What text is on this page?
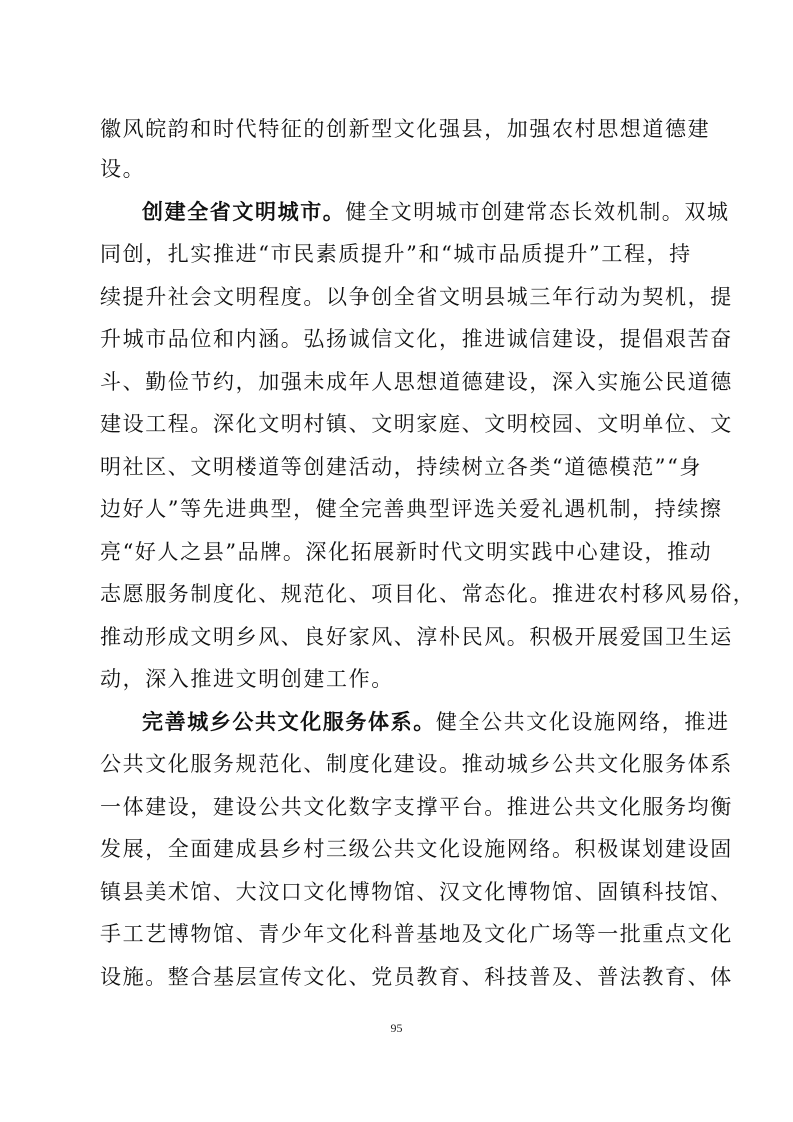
徽风皖韵和时代特征的创新型文化强县，加强农村思想道德建
设。
创建全省文明城市。健全文明城市创建常态长效机制。双城
同创，扎实推进“市民素质提升”和“城市品质提升”工程，持
续提升社会文明程度。以争创全省文明县城三年行动为契机，提
升城市品位和内涵。弘扬诚信文化，推进诚信建设，提倡艰苦奋
斗、勤俭节约，加强未成年人思想道德建设，深入实施公民道德
建设工程。深化文明村镇、文明家庭、文明校园、文明单位、文
明社区、文明楼道等创建活动，持续树立各类“道德模范”“身
边好人”等先进典型，健全完善典型评选关爱礼遇机制，持续擦
亮“好人之县”品牌。深化拓展新时代文明实践中心建设，推动
志愿服务制度化、规范化、项目化、常态化。推进农村移风易俗，
推动形成文明乡风、良好家风、淳朴民风。积极开展爱国卫生运
动，深入推进文明创建工作。
完善城乡公共文化服务体系。健全公共文化设施网络，推进
公共文化服务规范化、制度化建设。推动城乡公共文化服务体系
一体建设，建设公共文化数字支撑平台。推进公共文化服务均衡
发展，全面建成县乡村三级公共文化设施网络。积极谋划建设固
镇县美术馆、大汶口文化博物馆、汉文化博物馆、固镇科技馆、
手工艺博物馆、青少年文化科普基地及文化广场等一批重点文化
设施。整合基层宣传文化、党员教育、科技普及、普法教育、体
95
